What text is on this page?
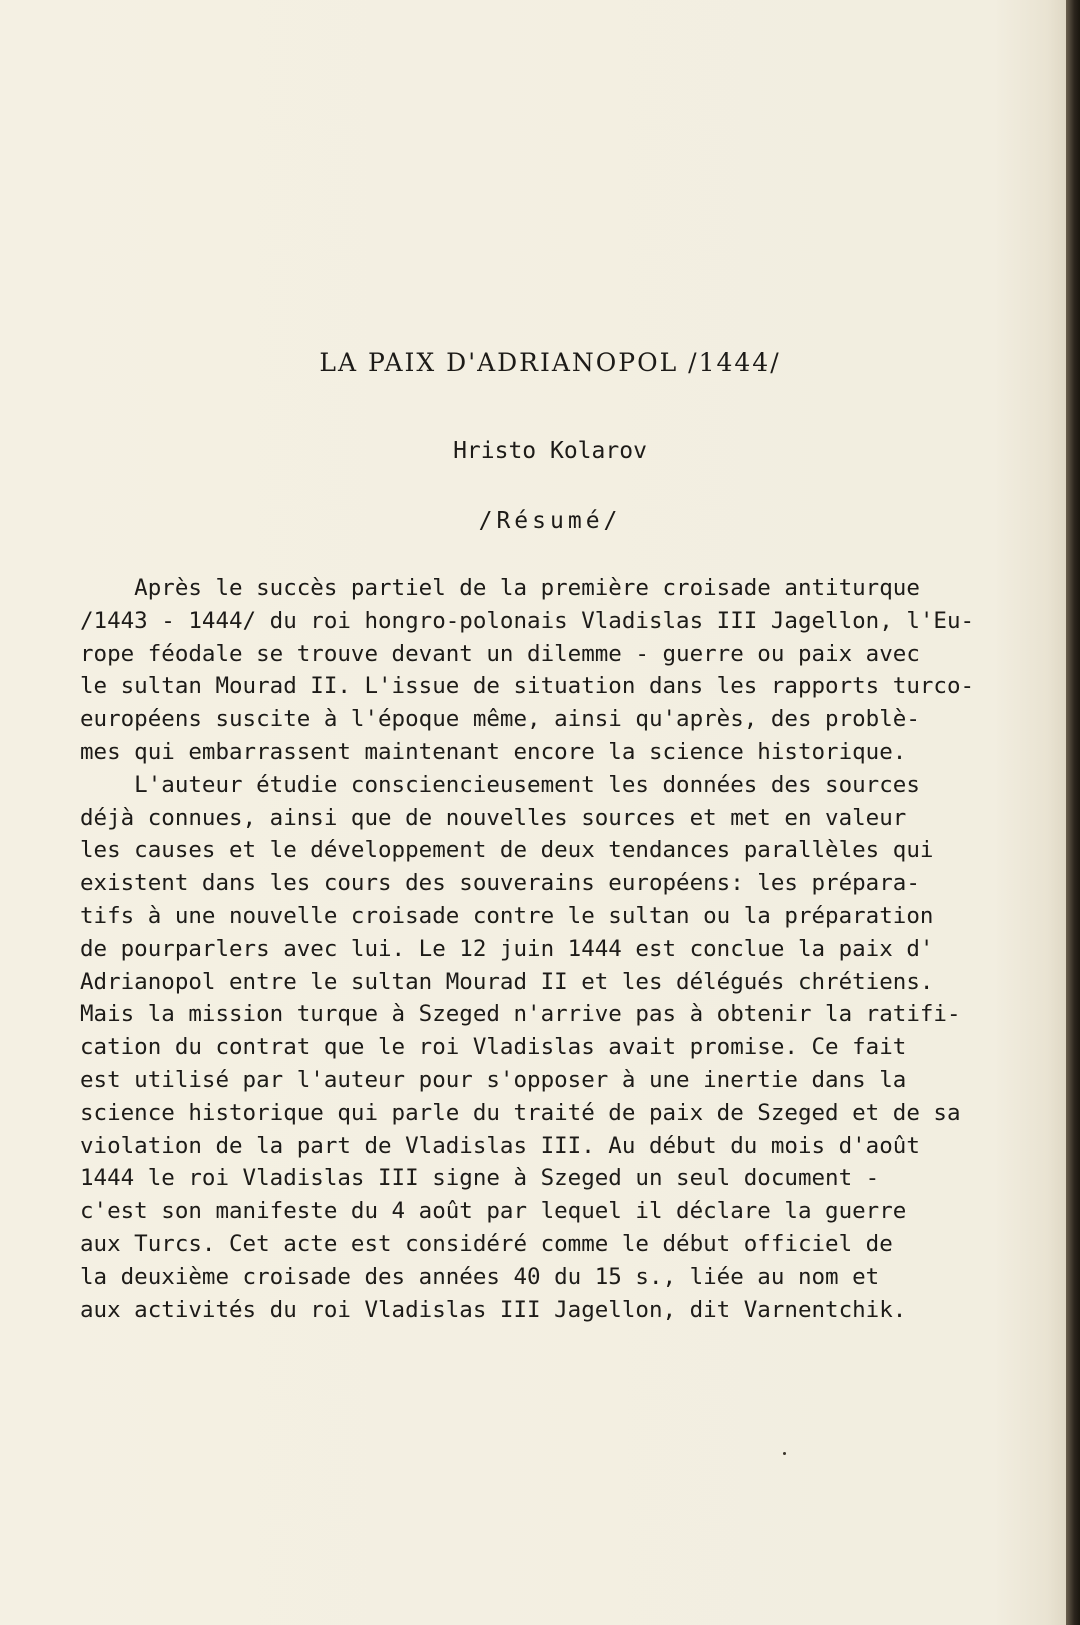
LA PAIX D'ADRIANOPOL /1444/
Hristo Kolarov
/Résumé/
Après le succès partiel de la première croisade antiturque
/1443 - 1444/ du roi hongro-polonais Vladislas III Jagellon, l'Eu-
rope féodale se trouve devant un dilemme - guerre ou paix avec
le sultan Mourad II. L'issue de situation dans les rapports turco-
européens suscite à l'époque même, ainsi qu'après, des problè-
mes qui embarrassent maintenant encore la science historique.
L'auteur étudie consciencieusement les données des sources
déjà connues, ainsi que de nouvelles sources et met en valeur
les causes et le développement de deux tendances parallèles qui
existent dans les cours des souverains européens: les prépara-
tifs à une nouvelle croisade contre le sultan ou la préparation
de pourparlers avec lui. Le 12 juin 1444 est conclue la paix d'
Adrianopol entre le sultan Mourad II et les délégués chrétiens.
Mais la mission turque à Szeged n'arrive pas à obtenir la ratifi-
cation du contrat que le roi Vladislas avait promise. Ce fait
est utilisé par l'auteur pour s'opposer à une inertie dans la
science historique qui parle du traité de paix de Szeged et de sa
violation de la part de Vladislas III. Au début du mois d'août
1444 le roi Vladislas III signe à Szeged un seul document -
c'est son manifeste du 4 août par lequel il déclare la guerre
aux Turcs. Cet acte est considéré comme le début officiel de
la deuxième croisade des années 40 du 15 s., liée au nom et
aux activités du roi Vladislas III Jagellon, dit Varnentchik.
